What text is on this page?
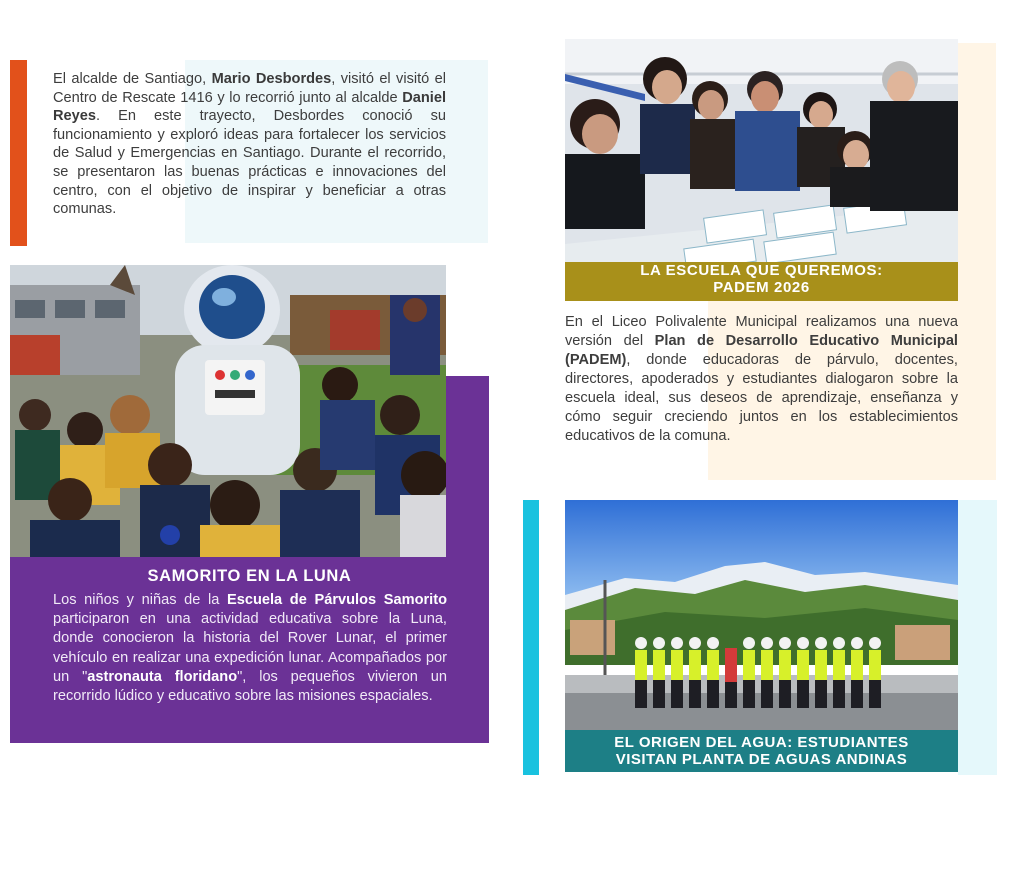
El alcalde de Santiago, Mario Desbordes, visitó el visitó el Centro de Rescate 1416 y lo recorrió junto al alcalde Daniel Reyes. En este trayecto, Desbordes conoció su funcionamiento y exploró ideas para fortalecer los servicios de Salud y Emergencias en Santiago. Durante el recorrido, se presentaron las buenas prácticas e innovaciones del centro, con el objetivo de inspirar y beneficiar a otras comunas.
SAMORITO EN LA LUNA
Los niños y niñas de la Escuela de Párvulos Samorito participaron en una actividad educativa sobre la Luna, donde conocieron la historia del Rover Lunar, el primer vehículo en realizar una expedición lunar. Acompañados por un "astronauta floridano", los pequeños vivieron un recorrido lúdico y educativo sobre las misiones espaciales.
LA ESCUELA QUE QUEREMOS:
PADEM 2026
En el Liceo Polivalente Municipal realizamos una nueva versión del Plan de Desarrollo Educativo Municipal (PADEM), donde educadoras de párvulo, docentes, directores, apoderados y estudiantes dialogaron sobre la escuela ideal, sus deseos de aprendizaje, enseñanza y cómo seguir creciendo juntos en los establecimientos educativos de la comuna.
EL ORIGEN DEL AGUA: ESTUDIANTES
VISITAN PLANTA DE AGUAS ANDINAS
